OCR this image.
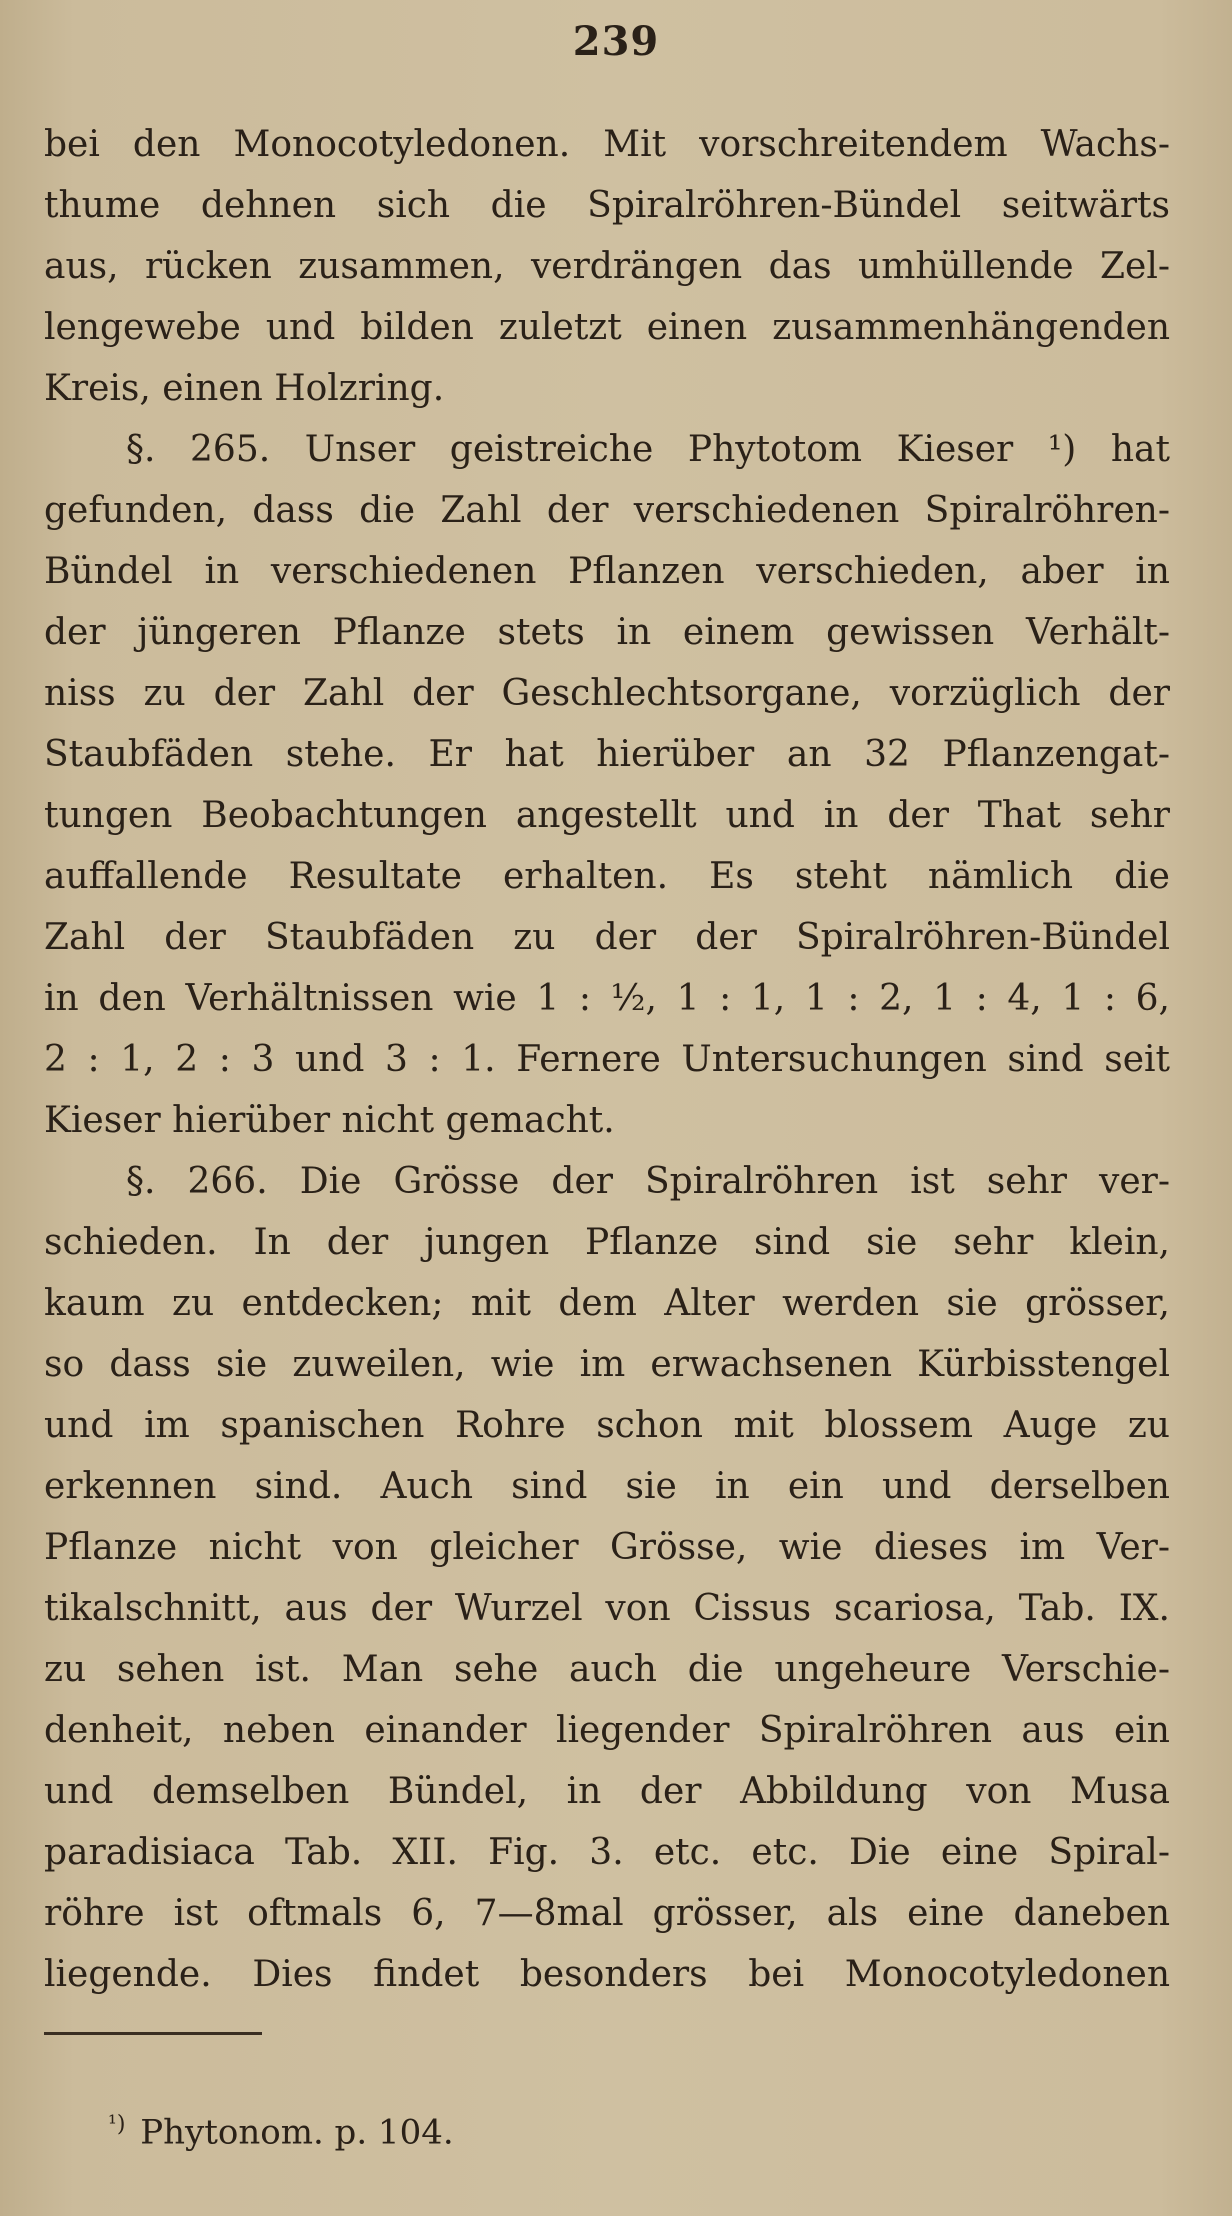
239
bei den Monocotyledonen. Mit vorschreitendem Wachs-
thume dehnen sich die Spiralröhren-Bündel seitwärts
aus, rücken zusammen, verdrängen das umhüllende Zel-
lengewebe und bilden zuletzt einen zusammenhängenden
Kreis, einen Holzring.
§. 265. Unser geistreiche Phytotom Kieser ¹) hat
gefunden, dass die Zahl der verschiedenen Spiralröhren-
Bündel in verschiedenen Pflanzen verschieden, aber in
der jüngeren Pflanze stets in einem gewissen Verhält-
niss zu der Zahl der Geschlechtsorgane, vorzüglich der
Staubfäden stehe. Er hat hierüber an 32 Pflanzengat-
tungen Beobachtungen angestellt und in der That sehr
auffallende Resultate erhalten. Es steht nämlich die
Zahl der Staubfäden zu der der Spiralröhren-Bündel
in den Verhältnissen wie 1 : ½, 1 : 1, 1 : 2, 1 : 4, 1 : 6,
2 : 1, 2 : 3 und 3 : 1. Fernere Untersuchungen sind seit
Kieser hierüber nicht gemacht.
§. 266. Die Grösse der Spiralröhren ist sehr ver-
schieden. In der jungen Pflanze sind sie sehr klein,
kaum zu entdecken; mit dem Alter werden sie grösser,
so dass sie zuweilen, wie im erwachsenen Kürbisstengel
und im spanischen Rohre schon mit blossem Auge zu
erkennen sind. Auch sind sie in ein und derselben
Pflanze nicht von gleicher Grösse, wie dieses im Ver-
tikalschnitt, aus der Wurzel von Cissus scariosa, Tab. IX.
zu sehen ist. Man sehe auch die ungeheure Verschie-
denheit, neben einander liegender Spiralröhren aus ein
und demselben Bündel, in der Abbildung von Musa
paradisiaca Tab. XII. Fig. 3. etc. etc. Die eine Spiral-
röhre ist oftmals 6, 7—8mal grösser, als eine daneben
liegende. Dies findet besonders bei Monocotyledonen
$^{^1)}$ Phytonom. p. 104.
